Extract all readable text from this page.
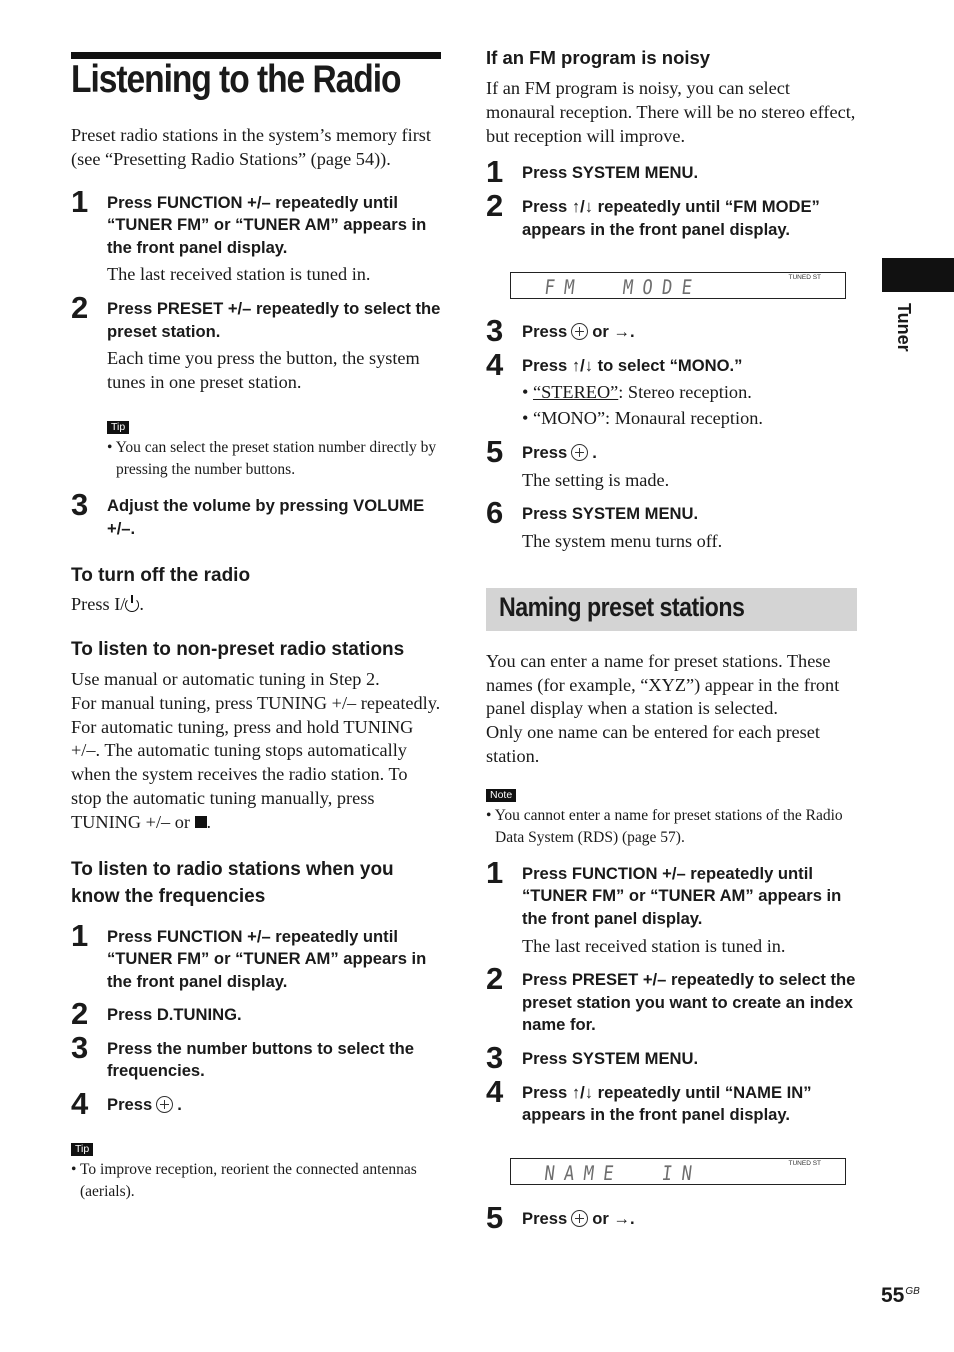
Listening to the Radio

Preset radio stations in the system’s memory first (see “Presetting Radio Stations” (page 54)).

1 Press FUNCTION +/– repeatedly until “TUNER FM” or “TUNER AM” appears in the front panel display.
The last received station is tuned in.
2 Press PRESET +/– repeatedly to select the preset station.
Each time you press the button, the system tunes in one preset station.
Tip
• You can select the preset station number directly by pressing the number buttons.
3 Adjust the volume by pressing VOLUME +/–.
To turn off the radio

Press I/ .

To listen to non-preset radio stations

Use manual or automatic tuning in Step 2.

For manual tuning, press TUNING +/– repeatedly.

For automatic tuning, press and hold TUNING +/–. The automatic tuning stops automatically when the system receives the radio station. To stop the automatic tuning manually, press TUNING +/– or .

To listen to radio stations when you know the frequencies
1 Press FUNCTION +/– repeatedly until “TUNER FM” or “TUNER AM” appears in the front panel display.
2 Press D.TUNING.
3 Press the number buttons to select the frequencies.
4 Press .
Tip
• To improve reception, reorient the connected antennas (aerials).
If an FM program is noisy

If an FM program is noisy, you can select monaural reception. There will be no stereo effect, but reception will improve.

1 Press SYSTEM MENU.
2 Press ↑/↓ repeatedly until “FM MODE” appears in the front panel display.
FM  MODE	TUNED ST
3 Press or →.
4 Press ↑/↓ to select “MONO.”
• “STEREO”: Stereo reception.
• “MONO”: Monaural reception.
5 Press .
The setting is made.
6 Press SYSTEM MENU.
The system menu turns off.
Naming preset stations

You can enter a name for preset stations. These names (for example, “XYZ”) appear in the front panel display when a station is selected.

Only one name can be entered for each preset station.

Note
• You cannot enter a name for preset stations of the Radio Data System (RDS) (page 57).
1 Press FUNCTION +/– repeatedly until “TUNER FM” or “TUNER AM” appears in the front panel display.
The last received station is tuned in.
2 Press PRESET +/– repeatedly to select the preset station you want to create an index name for.
3 Press SYSTEM MENU.
4 Press ↑/↓ repeatedly until “NAME IN” appears in the front panel display.
NAME  IN	TUNED ST
5 Press or →.
Tuner
$55^{GB}$
